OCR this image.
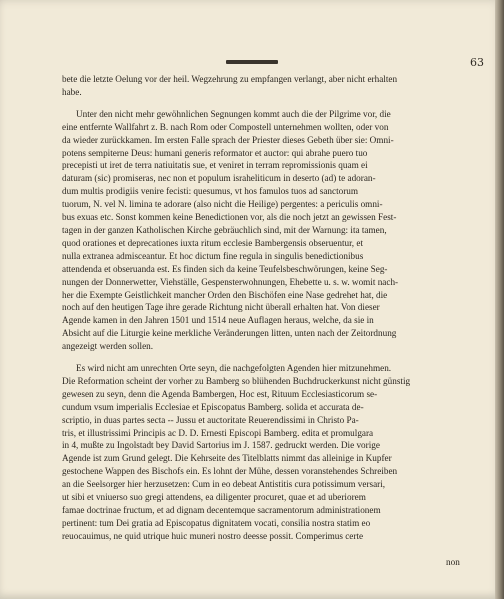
63
bete die letzte Oelung vor der heil. Wegzehrung zu empfangen verlangt, aber nicht erhalten
habe.
Unter den nicht mehr gewöhnlichen Segnungen kommt auch die der Pilgrime vor, die
eine entfernte Wallfahrt z. B. nach Rom oder Compostell unternehmen wollten, oder von
da wieder zurückkamen. Im ersten Falle sprach der Priester dieses Gebeth über sie: Omni-
potens sempiterne Deus: humani generis reformator et auctor: qui abrahe puero tuo
precepisti ut iret de terra natiuitatis sue, et veniret in terram repromissionis quam ei
daturam (sic) promiseras, nec non et populum israheliticum in deserto (ad) te adoran-
dum multis prodigiis venire fecisti: quesumus, vt hos famulos tuos ad sanctorum
tuorum, N. vel N. limina te adorare (also nicht die Heilige) pergentes: a periculis omni-
bus exuas etc. Sonst kommen keine Benedictionen vor, als die noch jetzt an gewissen Fest-
tagen in der ganzen Katholischen Kirche gebräuchlich sind, mit der Warnung: ita tamen,
quod orationes et deprecationes iuxta ritum ecclesie Bambergensis obseruentur, et
nulla extranea admisceantur. Et hoc dictum fine regula in singulis benedictionibus
attendenda et obseruanda est. Es finden sich da keine Teufelsbeschwörungen, keine Seg-
nungen der Donnerwetter, Viehställe, Gespensterwohnungen, Ehebette u. s. w. womit nach-
her die Exempte Geistlichkeit mancher Orden den Bischöfen eine Nase gedrehet hat, die
noch auf den heutigen Tage ihre gerade Richtung nicht überall erhalten hat. Von dieser
Agende kamen in den Jahren 1501 und 1514 neue Auflagen heraus, welche, da sie in
Absicht auf die Liturgie keine merkliche Veränderungen litten, unten nach der Zeitordnung
angezeigt werden sollen.
Es wird nicht am unrechten Orte seyn, die nachgefolgten Agenden hier mitzunehmen.
Die Reformation scheint der vorher zu Bamberg so blühenden Buchdruckerkunst nicht günstig
gewesen zu seyn, denn die Agenda Bambergen, Hoc est, Rituum Ecclesiasticorum se-
cundum vsum imperialis Ecclesiae et Episcopatus Bamberg. solida et accurata de-
scriptio, in duas partes secta -- Jussu et auctoritate Reuerendissimi in Christo Pa-
tris, et illustrissimi Principis ac D. D. Ernesti Episcopi Bamberg. edita et promulgara
in 4, mußte zu Ingolstadt bey David Sartorius im J. 1587. gedruckt werden. Die vorige
Agende ist zum Grund gelegt. Die Kehrseite des Titelblatts nimmt das alleinige in Kupfer
gestochene Wappen des Bischofs ein. Es lohnt der Mühe, dessen voranstehendes Schreiben
an die Seelsorger hier herzusetzen: Cum in eo debeat Antistitis cura potissimum versari,
ut sibi et vniuerso suo gregi attendens, ea diligenter procuret, quae et ad uberiorem
famae doctrinae fructum, et ad dignam decentemque sacramentorum administrationem
pertinent: tum Dei gratia ad Episcopatus dignitatem vocati, consilia nostra statim eo
reuocauimus, ne quid utrique huic muneri nostro deesse possit. Comperimus certe
non
